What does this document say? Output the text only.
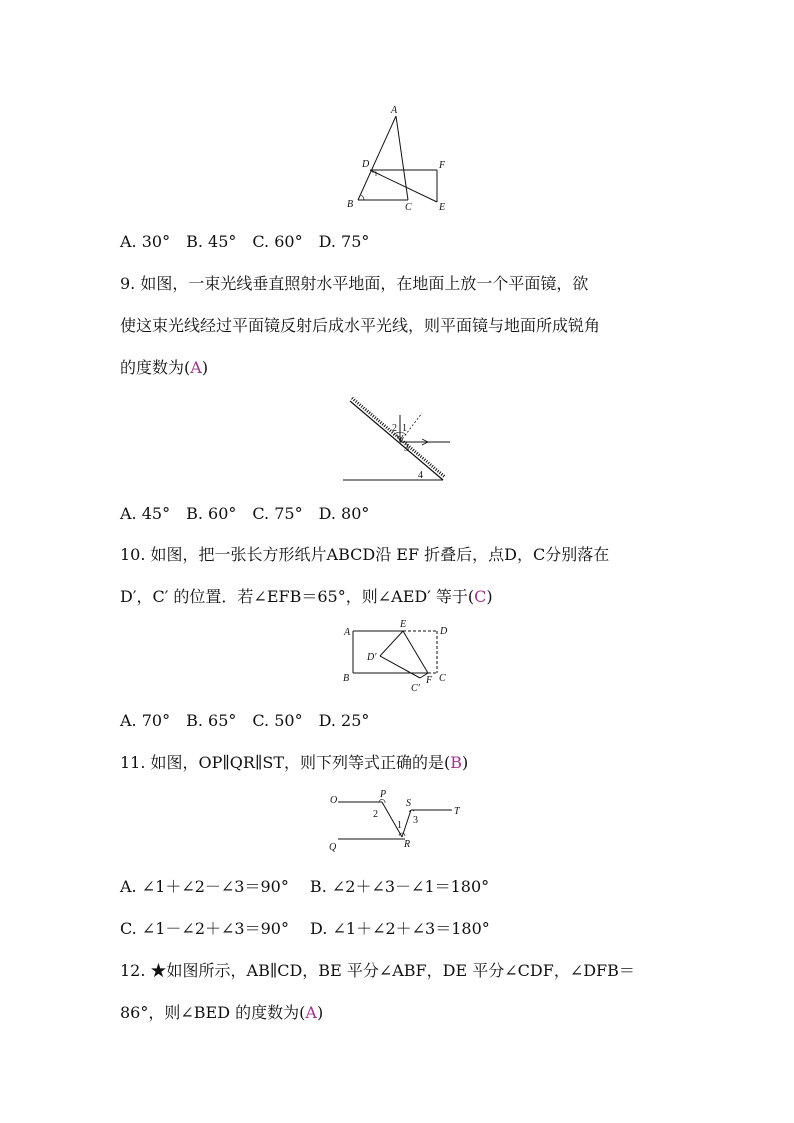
A
D	F
B	C	E
A. 30°　B. 45°　C. 60°　D. 75°
9. 如图，一束光线垂直照射水平地面，在地面上放一个平面镜，欲
使这束光线经过平面镜反射后成水平光线，则平面镜与地面所成锐角
的度数为(A)
2 1
3
4
A. 45°　B. 60°　C. 75°　D. 80°
10. 如图，把一张长方形纸片ABCD沿 EF 折叠后，点D，C分别落在
D′，C′ 的位置．若∠EFB＝65°，则∠AED′ 等于(C)
A
E
D
D′
B	F
C′
C
A. 70°　B. 65°　C. 50°　D. 25°
11. 如图，OP∥QR∥ST，则下列等式正确的是(B)
O
P
S
T
Q	R
2
1 3
A. ∠1＋∠2－∠3＝90°　 B. ∠2＋∠3－∠1＝180°
C. ∠1－∠2＋∠3＝90°　 D. ∠1＋∠2＋∠3＝180°
12. ★如图所示，AB∥CD，BE 平分∠ABF，DE 平分∠CDF，∠DFB＝
86°，则∠BED 的度数为(A)
